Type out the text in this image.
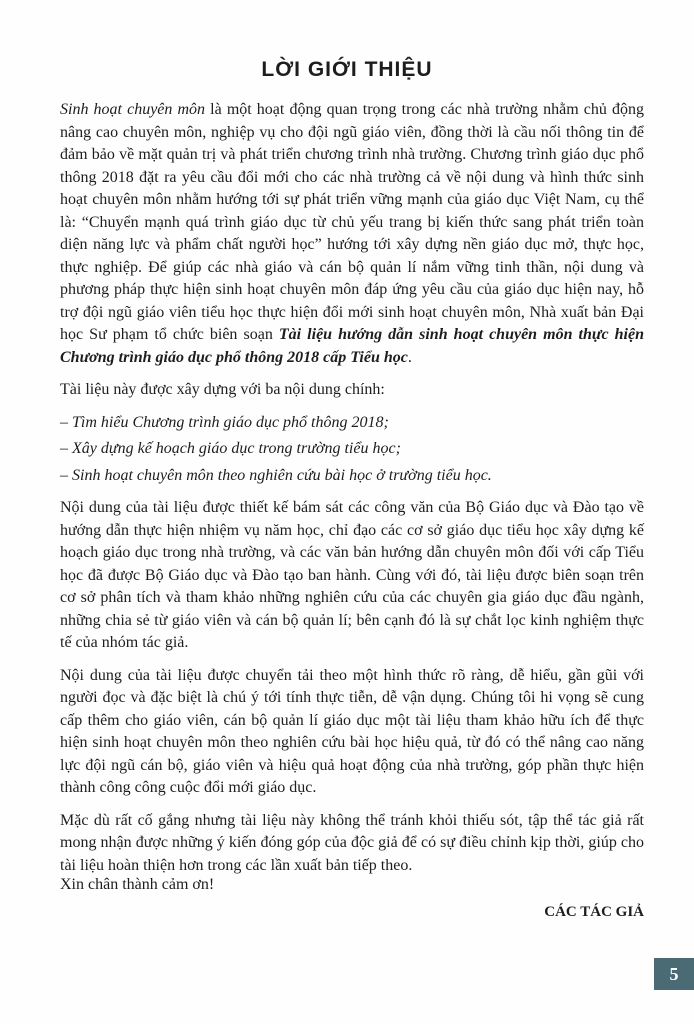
LỜI GIỚI THIỆU

Sinh hoạt chuyên môn là một hoạt động quan trọng trong các nhà trường nhằm chủ động nâng cao chuyên môn, nghiệp vụ cho đội ngũ giáo viên, đồng thời là cầu nối thông tin để đảm bảo về mặt quản trị và phát triển chương trình nhà trường. Chương trình giáo dục phổ thông 2018 đặt ra yêu cầu đổi mới cho các nhà trường cả về nội dung và hình thức sinh hoạt chuyên môn nhằm hướng tới sự phát triển vững mạnh của giáo dục Việt Nam, cụ thể là: “Chuyển mạnh quá trình giáo dục từ chủ yếu trang bị kiến thức sang phát triển toàn diện năng lực và phẩm chất người học” hướng tới xây dựng nền giáo dục mở, thực học, thực nghiệp. Để giúp các nhà giáo và cán bộ quản lí nắm vững tinh thần, nội dung và phương pháp thực hiện sinh hoạt chuyên môn đáp ứng yêu cầu của giáo dục hiện nay, hỗ trợ đội ngũ giáo viên tiểu học thực hiện đổi mới sinh hoạt chuyên môn, Nhà xuất bản Đại học Sư phạm tổ chức biên soạn Tài liệu hướng dẫn sinh hoạt chuyên môn thực hiện Chương trình giáo dục phổ thông 2018 cấp Tiểu học.

Tài liệu này được xây dựng với ba nội dung chính:

– Tìm hiểu Chương trình giáo dục phổ thông 2018;
– Xây dựng kế hoạch giáo dục trong trường tiểu học;
– Sinh hoạt chuyên môn theo nghiên cứu bài học ở trường tiểu học.

Nội dung của tài liệu được thiết kế bám sát các công văn của Bộ Giáo dục và Đào tạo về hướng dẫn thực hiện nhiệm vụ năm học, chỉ đạo các cơ sở giáo dục tiểu học xây dựng kế hoạch giáo dục trong nhà trường, và các văn bản hướng dẫn chuyên môn đối với cấp Tiểu học đã được Bộ Giáo dục và Đào tạo ban hành. Cùng với đó, tài liệu được biên soạn trên cơ sở phân tích và tham khảo những nghiên cứu của các chuyên gia giáo dục đầu ngành, những chia sẻ từ giáo viên và cán bộ quản lí; bên cạnh đó là sự chắt lọc kinh nghiệm thực tế của nhóm tác giả.

Nội dung của tài liệu được chuyển tải theo một hình thức rõ ràng, dễ hiểu, gần gũi với người đọc và đặc biệt là chú ý tới tính thực tiễn, dễ vận dụng. Chúng tôi hi vọng sẽ cung cấp thêm cho giáo viên, cán bộ quản lí giáo dục một tài liệu tham khảo hữu ích để thực hiện sinh hoạt chuyên môn theo nghiên cứu bài học hiệu quả, từ đó có thể nâng cao năng lực đội ngũ cán bộ, giáo viên và hiệu quả hoạt động của nhà trường, góp phần thực hiện thành công công cuộc đổi mới giáo dục.

Mặc dù rất cố gắng nhưng tài liệu này không thể tránh khỏi thiếu sót, tập thể tác giả rất mong nhận được những ý kiến đóng góp của độc giả để có sự điều chỉnh kịp thời, giúp cho tài liệu hoàn thiện hơn trong các lần xuất bản tiếp theo.

Xin chân thành cảm ơn!
CÁC TÁC GIẢ
5
